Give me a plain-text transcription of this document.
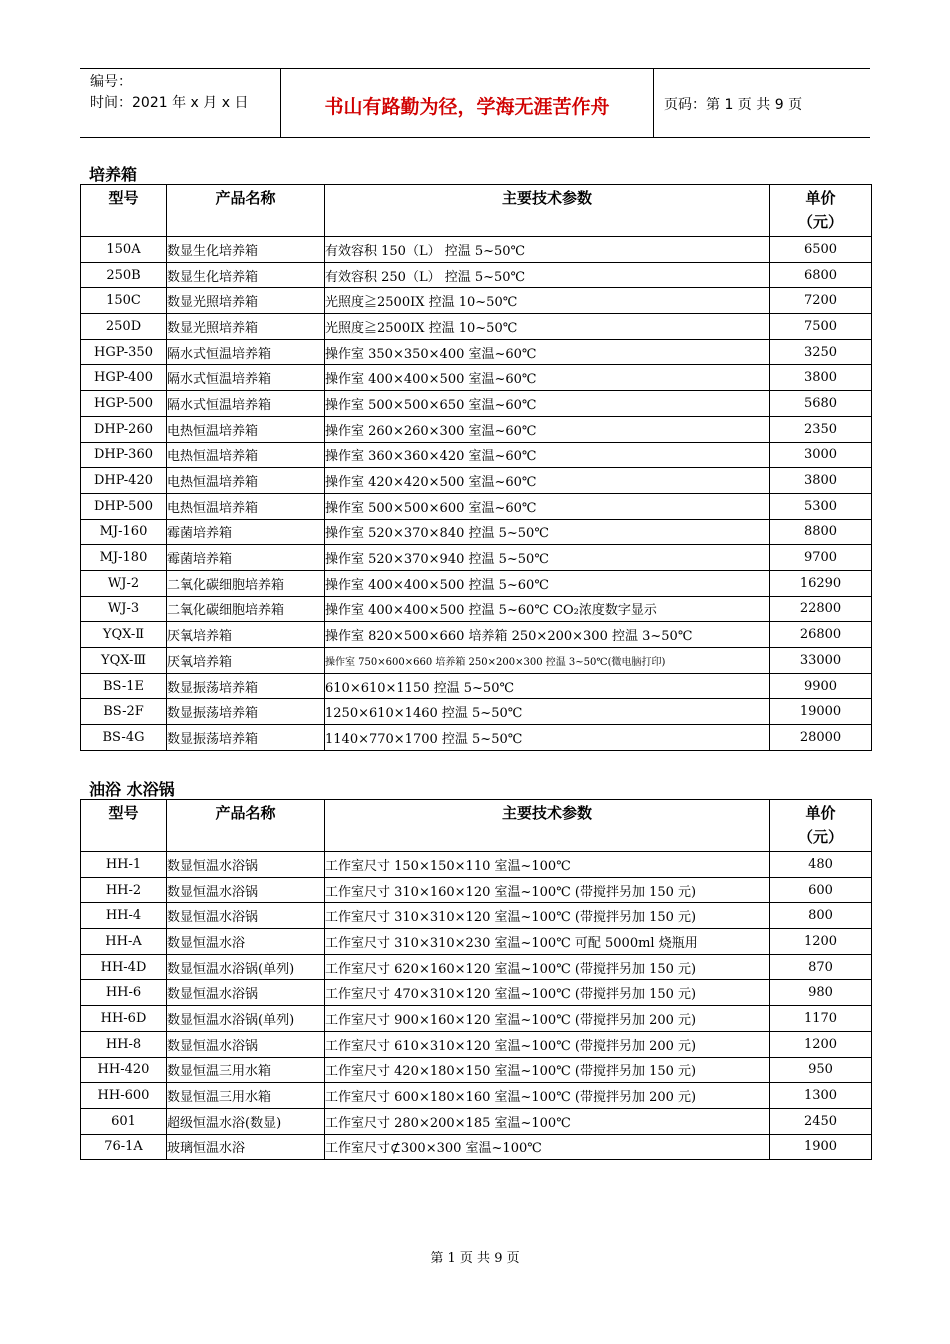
编号：
时间：2021 年 x 月 x 日	书山有路勤为径，学海无涯苦作舟	页码：第 1 页 共 9 页
培养箱
型号	产品名称	主要技术参数	单价
（元）

150A	数显生化培养箱	有效容积 150（L） 控温 5~50℃	6500
250B	数显生化培养箱	有效容积 250（L） 控温 5~50℃	6800
150C	数显光照培养箱	光照度≧2500IX 控温 10~50℃	7200
250D	数显光照培养箱	光照度≧2500IX 控温 10~50℃	7500
HGP-350	隔水式恒温培养箱	操作室 350×350×400 室温~60℃	3250
HGP-400	隔水式恒温培养箱	操作室 400×400×500 室温~60℃	3800
HGP-500	隔水式恒温培养箱	操作室 500×500×650 室温~60℃	5680
DHP-260	电热恒温培养箱	操作室 260×260×300 室温~60℃	2350
DHP-360	电热恒温培养箱	操作室 360×360×420 室温~60℃	3000
DHP-420	电热恒温培养箱	操作室 420×420×500 室温~60℃	3800
DHP-500	电热恒温培养箱	操作室 500×500×600 室温~60℃	5300
MJ-160	霉菌培养箱	操作室 520×370×840 控温 5~50℃	8800
MJ-180	霉菌培养箱	操作室 520×370×940 控温 5~50℃	9700
WJ-2	二氧化碳细胞培养箱	操作室 400×400×500 控温 5~60℃	16290
WJ-3	二氧化碳细胞培养箱	操作室 400×400×500 控温 5~60℃ CO₂浓度数字显示	22800
YQX-Ⅱ	厌氧培养箱	操作室 820×500×660 培养箱 250×200×300 控温 3~50℃	26800
YQX-Ⅲ	厌氧培养箱	操作室 750×600×660 培养箱 250×200×300 控温 3~50℃(微电脑打印)	33000
BS-1E	数显振荡培养箱	610×610×1150 控温 5~50℃	9900
BS-2F	数显振荡培养箱	1250×610×1460 控温 5~50℃	19000
BS-4G	数显振荡培养箱	1140×770×1700 控温 5~50℃	28000
油浴 水浴锅
型号	产品名称	主要技术参数	单价
（元）

HH-1	数显恒温水浴锅	工作室尺寸 150×150×110 室温~100℃	480
HH-2	数显恒温水浴锅	工作室尺寸 310×160×120 室温~100℃ (带搅拌另加 150 元)	600
HH-4	数显恒温水浴锅	工作室尺寸 310×310×120 室温~100℃ (带搅拌另加 150 元)	800
HH-A	数显恒温水浴	工作室尺寸 310×310×230 室温~100℃ 可配 5000ml 烧瓶用	1200
HH-4D	数显恒温水浴锅(单列)	工作室尺寸 620×160×120 室温~100℃ (带搅拌另加 150 元)	870
HH-6	数显恒温水浴锅	工作室尺寸 470×310×120 室温~100℃ (带搅拌另加 150 元)	980
HH-6D	数显恒温水浴锅(单列)	工作室尺寸 900×160×120 室温~100℃ (带搅拌另加 200 元)	1170
HH-8	数显恒温水浴锅	工作室尺寸 610×310×120 室温~100℃ (带搅拌另加 200 元)	1200
HH-420	数显恒温三用水箱	工作室尺寸 420×180×150 室温~100℃ (带搅拌另加 150 元)	950
HH-600	数显恒温三用水箱	工作室尺寸 600×180×160 室温~100℃ (带搅拌另加 200 元)	1300
601	超级恒温水浴(数显)	工作室尺寸 280×200×185 室温~100℃	2450
76-1A	玻璃恒温水浴	工作室尺寸⊄300×300 室温~100℃	1900
第 1 页 共 9 页
